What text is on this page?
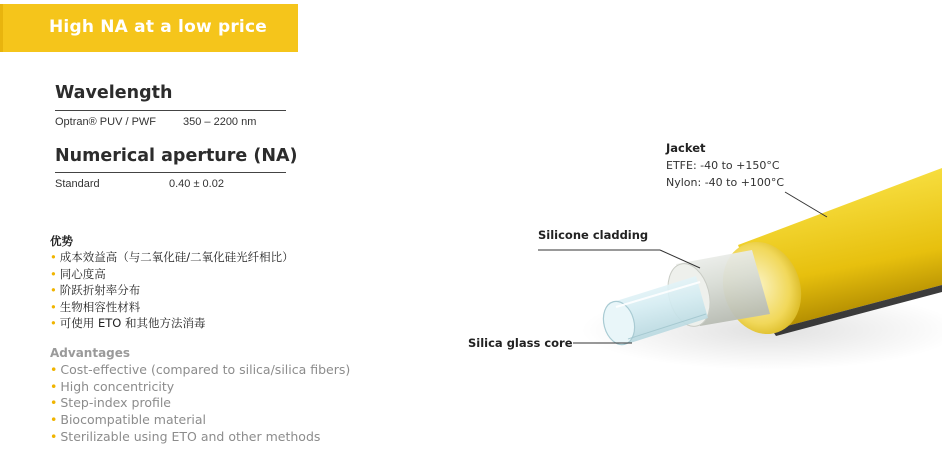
High NA at a low price
Wavelength
Optran® PUV / PWF 350 – 2200 nm
Numerical aperture (NA)
Standard	0.40 ± 0.02
优势
• 成本效益高（与二氧化硅/二氧化硅光纤相比）
• 同心度高
• 阶跃折射率分布
• 生物相容性材料
• 可使用 ETO 和其他方法消毒
Advantages
• Cost-effective (compared to silica/silica fibers)
• High concentricity
• Step-index profile
• Biocompatible material
• Sterilizable using ETO and other methods
Jacket
ETFE: -40 to +150°C
Nylon: -40 to +100°C
Silicone cladding
Silica glass core
